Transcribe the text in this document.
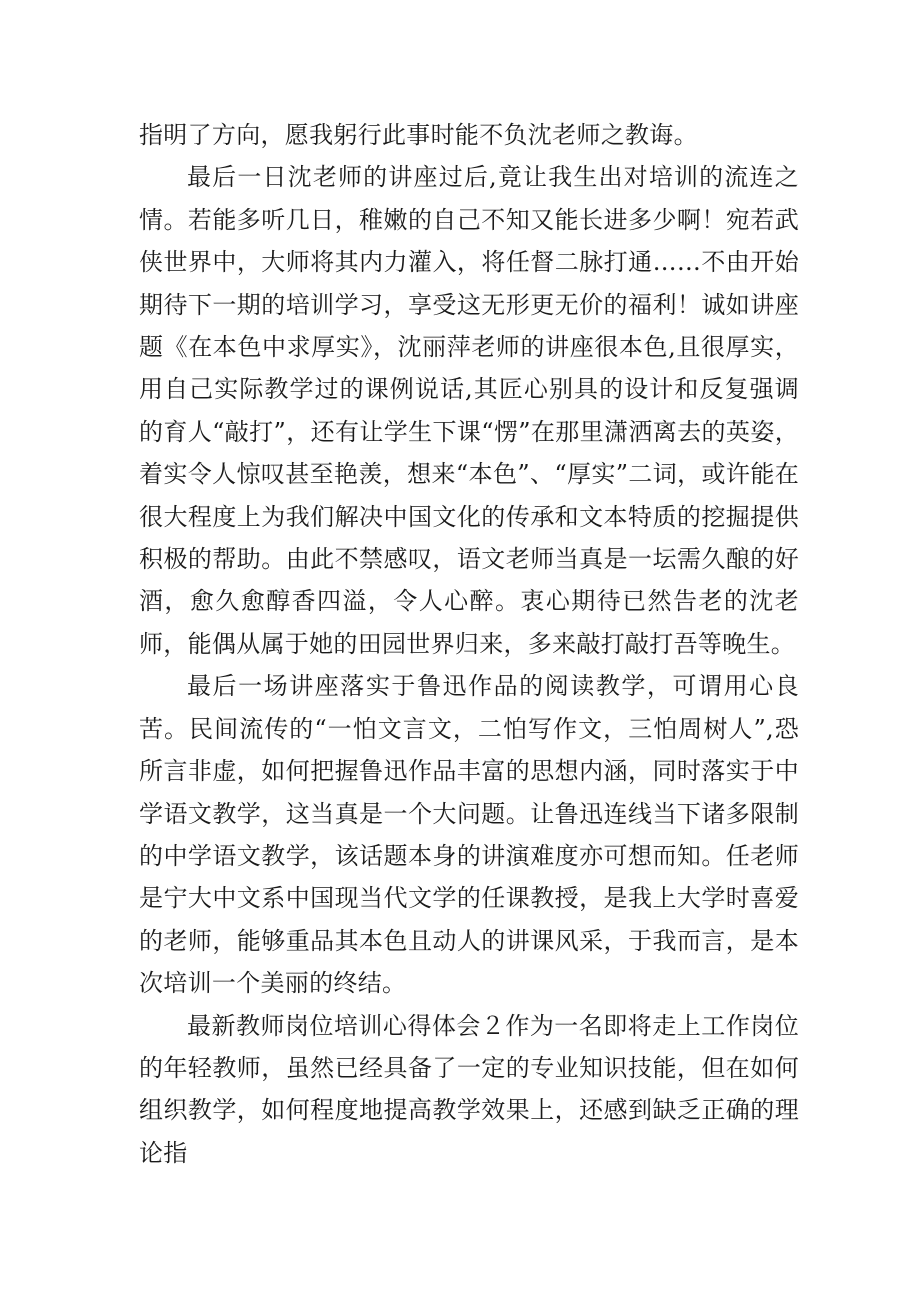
指明了方向，愿我躬行此事时能不负沈老师之教诲。

最后一日沈老师的讲座过后,竟让我生出对培训的流连之情。若能多听几日，稚嫩的自己不知又能长进多少啊！宛若武侠世界中，大师将其内力灌入，将任督二脉打通……不由开始期待下一期的培训学习，享受这无形更无价的福利！诚如讲座题《在本色中求厚实》，沈丽萍老师的讲座很本色,且很厚实，用自己实际教学过的课例说话,其匠心别具的设计和反复强调的育人“敲打”，还有让学生下课“愣”在那里潇洒离去的英姿，着实令人惊叹甚至艳羡，想来“本色”、“厚实”二词，或许能在很大程度上为我们解决中国文化的传承和文本特质的挖掘提供积极的帮助。由此不禁感叹，语文老师当真是一坛需久酿的好酒，愈久愈醇香四溢，令人心醉。衷心期待已然告老的沈老师，能偶从属于她的田园世界归来，多来敲打敲打吾等晚生。

最后一场讲座落实于鲁迅作品的阅读教学，可谓用心良苦。民间流传的“一怕文言文，二怕写作文，三怕周树人”,恐所言非虚，如何把握鲁迅作品丰富的思想内涵，同时落实于中学语文教学，这当真是一个大问题。让鲁迅连线当下诸多限制的中学语文教学，该话题本身的讲演难度亦可想而知。任老师是宁大中文系中国现当代文学的任课教授，是我上大学时喜爱的老师，能够重品其本色且动人的讲课风采，于我而言，是本次培训一个美丽的终结。

最新教师岗位培训心得体会２作为一名即将走上工作岗位的年轻教师，虽然已经具备了一定的专业知识技能，但在如何组织教学，如何程度地提高教学效果上，还感到缺乏正确的理论指
